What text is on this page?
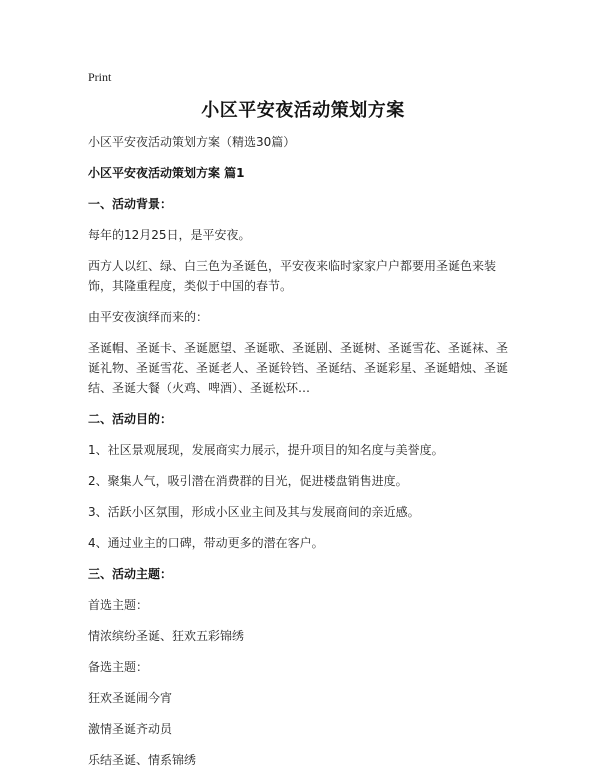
Print
小区平安夜活动策划方案

小区平安夜活动策划方案（精选30篇）

小区平安夜活动策划方案 篇1

一、活动背景：

每年的12月25日，是平安夜。

西方人以红、绿、白三色为圣诞色，平安夜来临时家家户户都要用圣诞色来装饰，其隆重程度，类似于中国的春节。

由平安夜演绎而来的：

圣诞帽、圣诞卡、圣诞愿望、圣诞歌、圣诞剧、圣诞树、圣诞雪花、圣诞袜、圣诞礼物、圣诞雪花、圣诞老人、圣诞铃铛、圣诞结、圣诞彩星、圣诞蜡烛、圣诞结、圣诞大餐（火鸡、啤酒）、圣诞松环…

二、活动目的：

1、社区景观展现，发展商实力展示，提升项目的知名度与美誉度。

2、聚集人气，吸引潜在消费群的目光，促进楼盘销售进度。

3、活跃小区氛围，形成小区业主间及其与发展商间的亲近感。

4、通过业主的口碑，带动更多的潜在客户。

三、活动主题：

首选主题：

情浓缤纷圣诞、狂欢五彩锦绣

备选主题：

狂欢圣诞闹今宵

激情圣诞齐动员

乐结圣诞、情系锦绣
